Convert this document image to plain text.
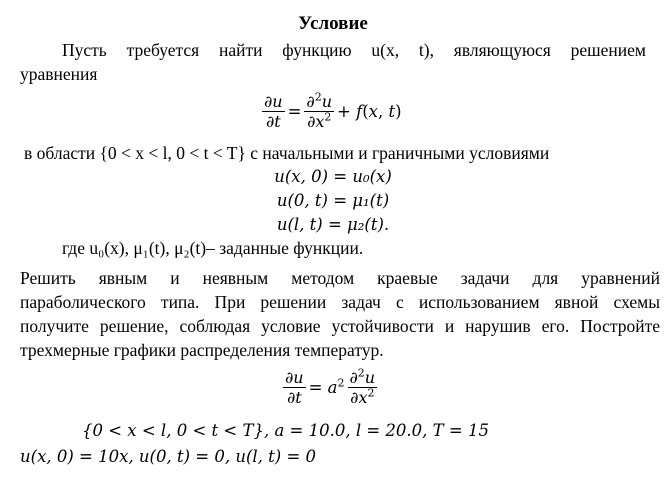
Условие
Пусть требуется найти функцию u(x, t), являющуюся решением
уравнения
$\frac{\partial u}{\partial t} = \frac{\partial^2u}{\partial x^2} + f(x$, t)
в области {0 < x < l, 0 < t < T} с начальными и граничными условиями
u(x, 0) = u₀(x)
u(0, t) = μ₁(t)
u(l, t) = μ₂(t).
где u₀(x), μ₁(t), μ₂(t)– заданные функции.
Решить явным и неявным методом краевые задачи для уравнений
параболического типа. При решении задач с использованием явной схемы
получите решение, соблюдая условие устойчивости и нарушив его. Постройте
трехмерные графики распределения температур.
$\frac{\partial u}{\partial t} = a^2 \frac{\partial^2u}{\partial x^2}$
{0 < x < l, 0 < t < T}, a = 10.0, l = 20.0, T = 15
u(x, 0) = 10x, u(0, t) = 0, u(l, t) = 0
